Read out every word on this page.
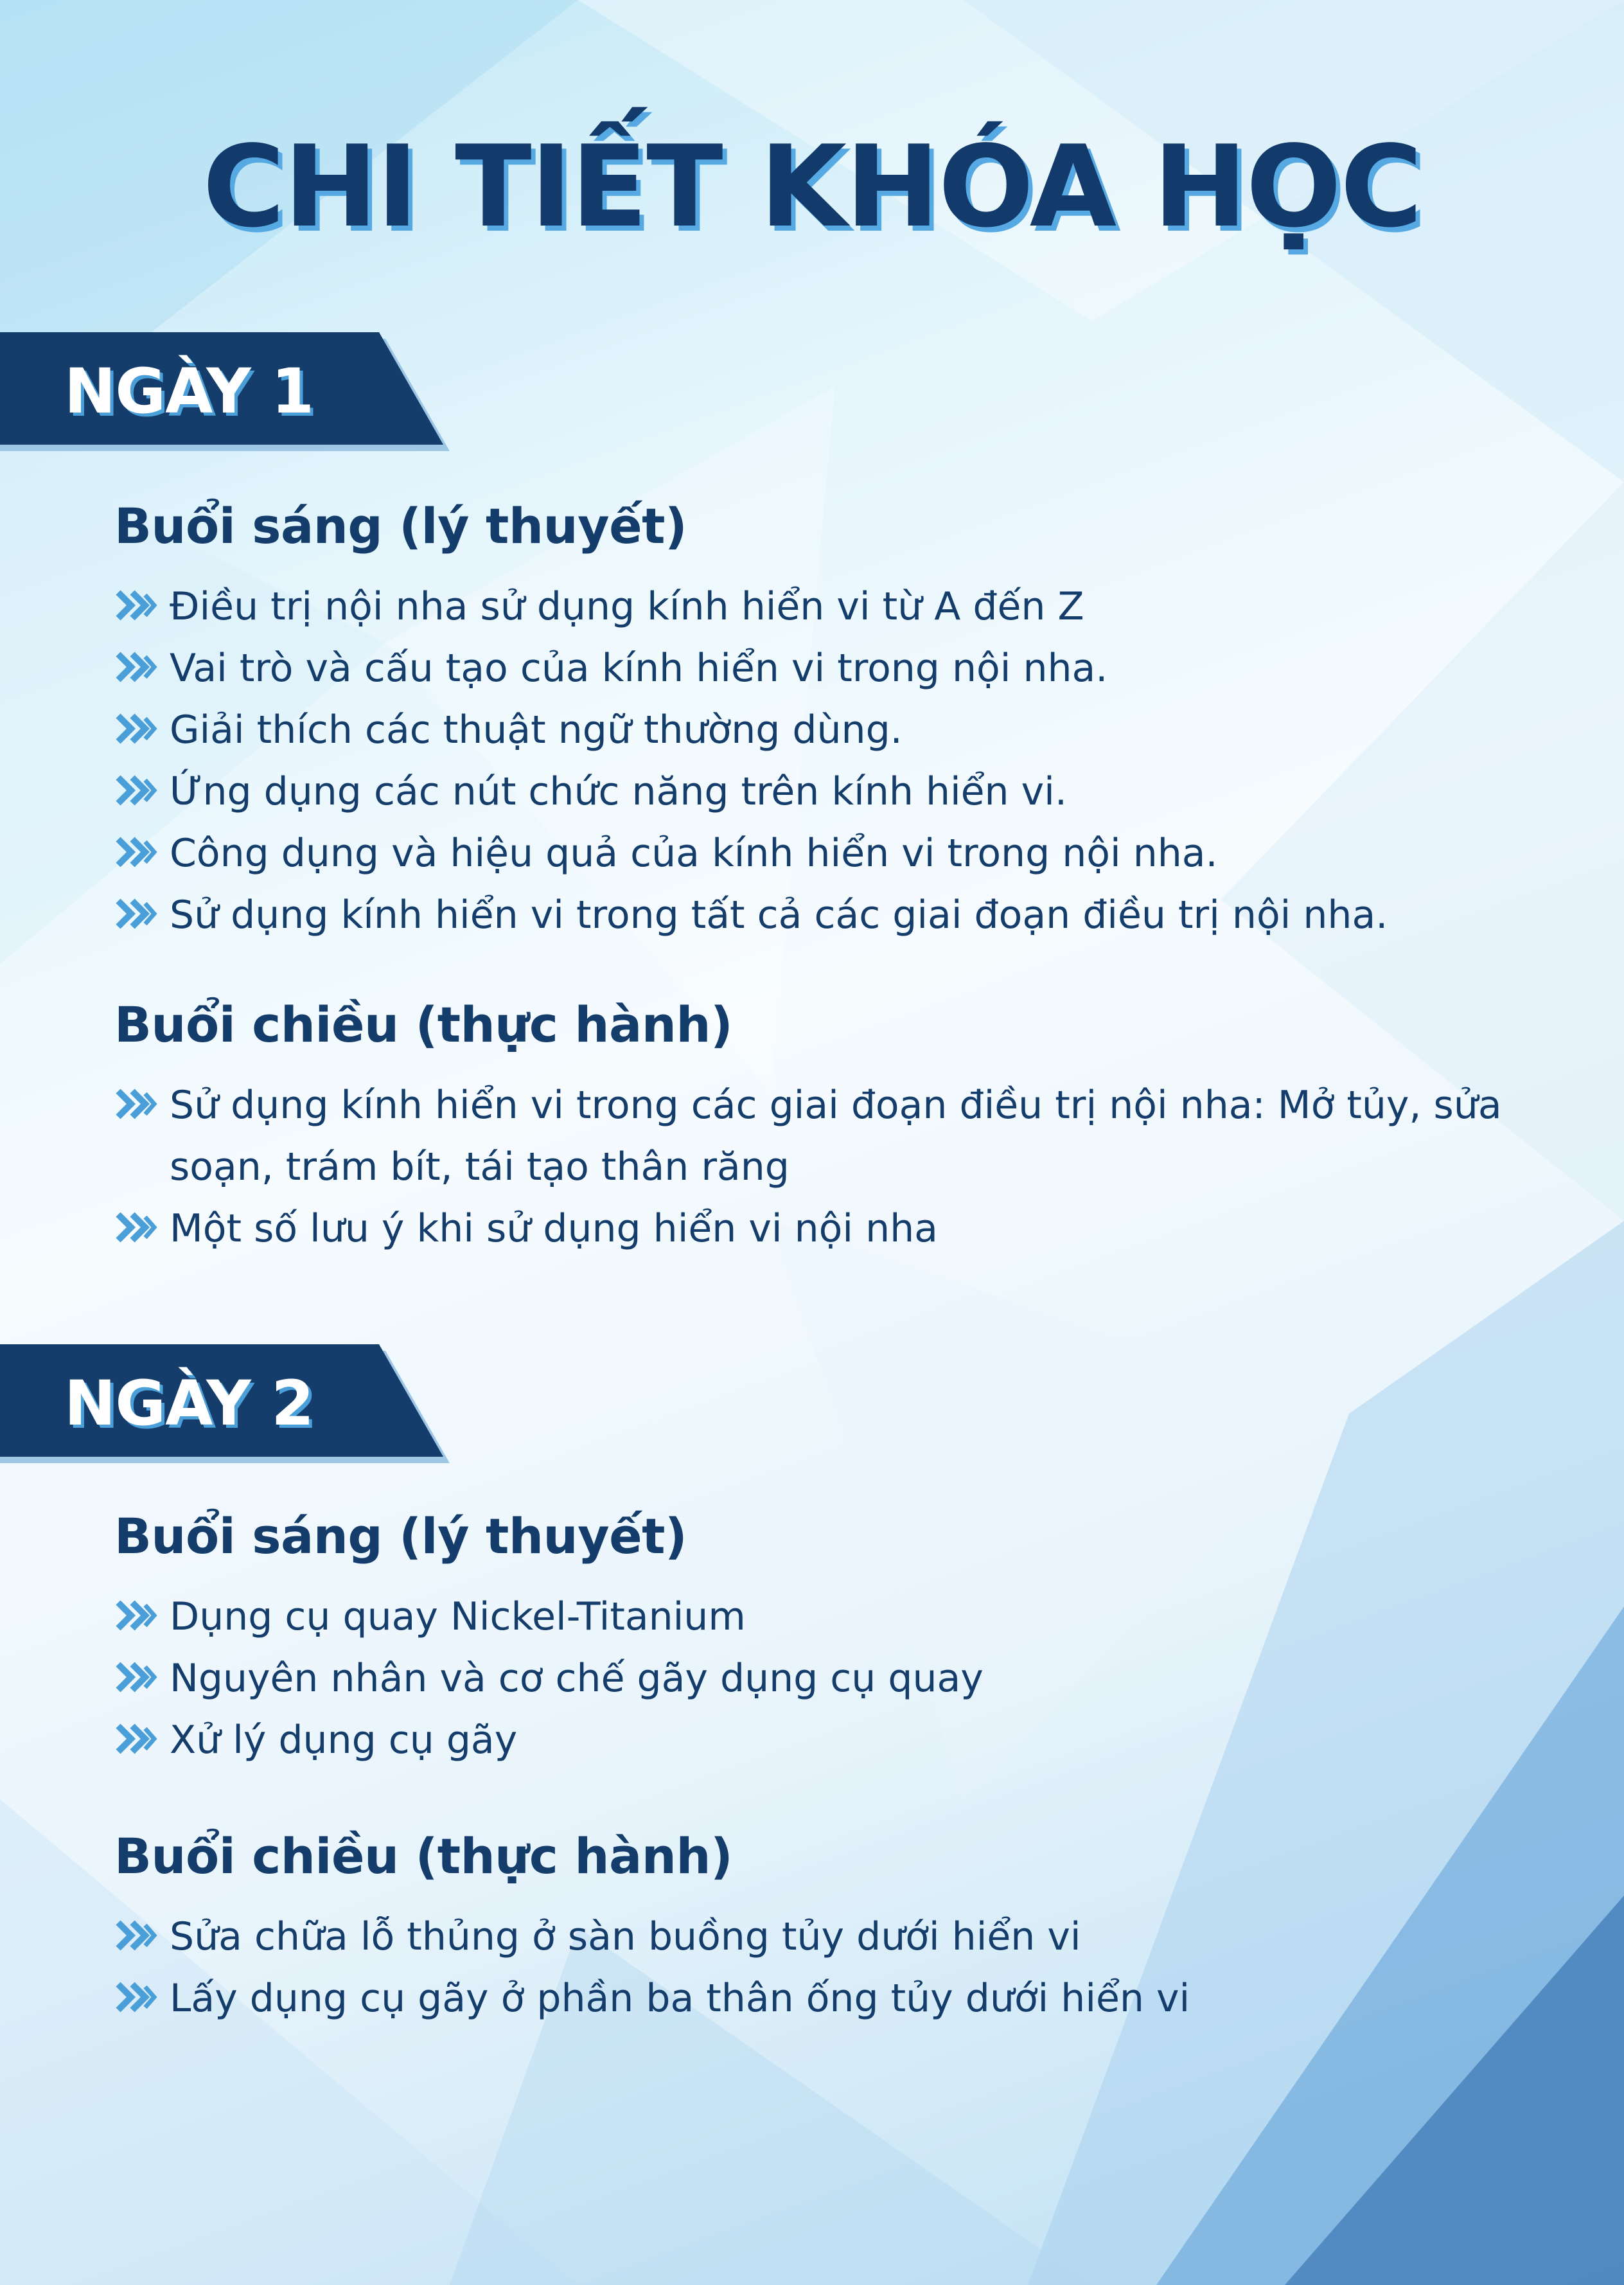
CHI TIẾT KHÓA HỌC
NGÀY 1
Buổi sáng (lý thuyết)
Điều trị nội nha sử dụng kính hiển vi từ A đến Z
Vai trò và cấu tạo của kính hiển vi trong nội nha.
Giải thích các thuật ngữ thường dùng.
Ứng dụng các nút chức năng trên kính hiển vi.
Công dụng và hiệu quả của kính hiển vi trong nội nha.
Sử dụng kính hiển vi trong tất cả các giai đoạn điều trị nội nha.
Buổi chiều (thực hành)
Sử dụng kính hiển vi trong các giai đoạn điều trị nội nha: Mở tủy, sửa soạn, trám bít, tái tạo thân răng
Một số lưu ý khi sử dụng hiển vi nội nha
NGÀY 2
Buổi sáng (lý thuyết)
Dụng cụ quay Nickel-Titanium
Nguyên nhân và cơ chế gãy dụng cụ quay
Xử lý dụng cụ gãy
Buổi chiều (thực hành)
Sửa chữa lỗ thủng ở sàn buồng tủy dưới hiển vi
Lấy dụng cụ gãy ở phần ba thân ống tủy dưới hiển vi
